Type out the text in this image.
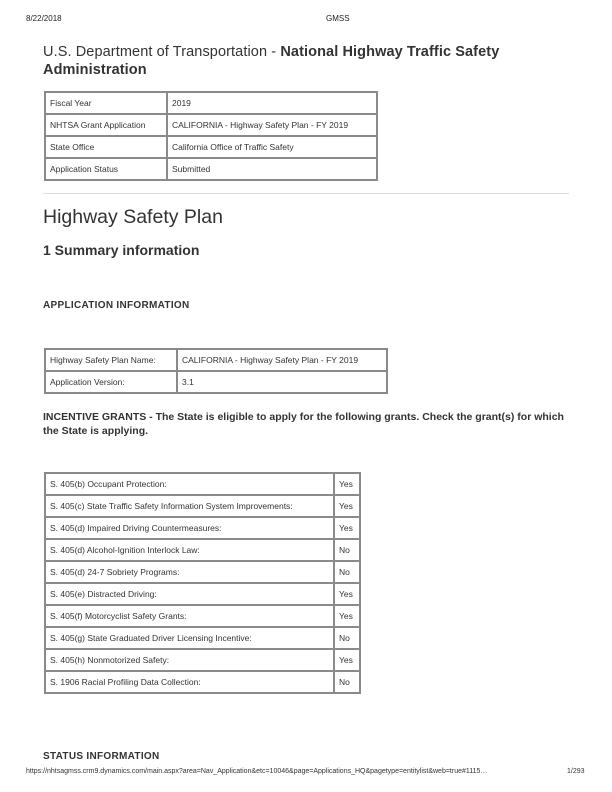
8/22/2018	GMSS
U.S. Department of Transportation - National Highway Traffic Safety Administration
Fiscal Year	2019
NHTSA Grant Application	CALIFORNIA - Highway Safety Plan - FY 2019
State Office	California Office of Traffic Safety
Application Status	Submitted
Highway Safety Plan
1 Summary information
APPLICATION INFORMATION
Highway Safety Plan Name:	CALIFORNIA - Highway Safety Plan - FY 2019
Application Version:	3.1
INCENTIVE GRANTS - The State is eligible to apply for the following grants. Check the grant(s) for which the State is applying.
S. 405(b) Occupant Protection:	Yes
S. 405(c) State Traffic Safety Information System Improvements:	Yes
S. 405(d) Impaired Driving Countermeasures:	Yes
S. 405(d) Alcohol-Ignition Interlock Law:	No
S. 405(d) 24-7 Sobriety Programs:	No
S. 405(e) Distracted Driving:	Yes
S. 405(f) Motorcyclist Safety Grants:	Yes
S. 405(g) State Graduated Driver Licensing Incentive:	No
S. 405(h) Nonmotorized Safety:	Yes
S. 1906 Racial Profiling Data Collection:	No
STATUS INFORMATION
https://nhtsagmss.crm9.dynamics.com/main.aspx?area=Nav_Application&etc=10046&page=Applications_HQ&pagetype=entitylist&web=true#1115…	1/293
